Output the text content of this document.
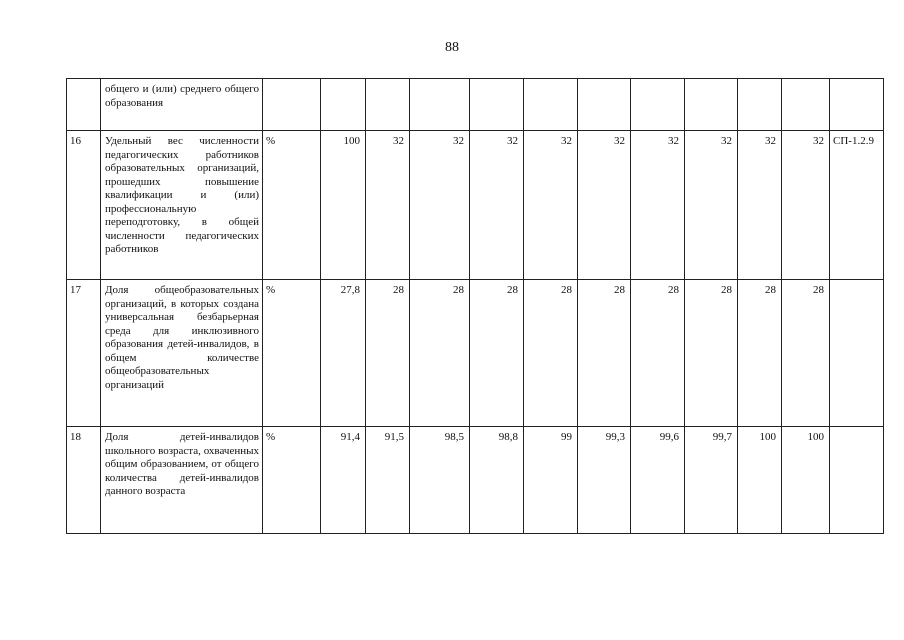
88
	общего и (или) среднего общего образования												
16	Удельный вес численности педагогических работников образовательных организаций, прошедших повышение квалификации и (или) профессиональную переподготовку, в общей численности педагогических работников	%	100	32	32	32	32	32	32	32	32	32	СП-1.2.9
17	Доля общеобразовательных организаций, в которых создана универсальная безбарьерная среда для инклюзивного образования детей-инвалидов, в общем количестве общеобразовательных организаций	%	27,8	28	28	28	28	28	28	28	28	28	
18	Доля детей-инвалидов школьного возраста, охваченных общим образованием, от общего количества детей-инвалидов данного возраста	%	91,4	91,5	98,5	98,8	99	99,3	99,6	99,7	100	100	
